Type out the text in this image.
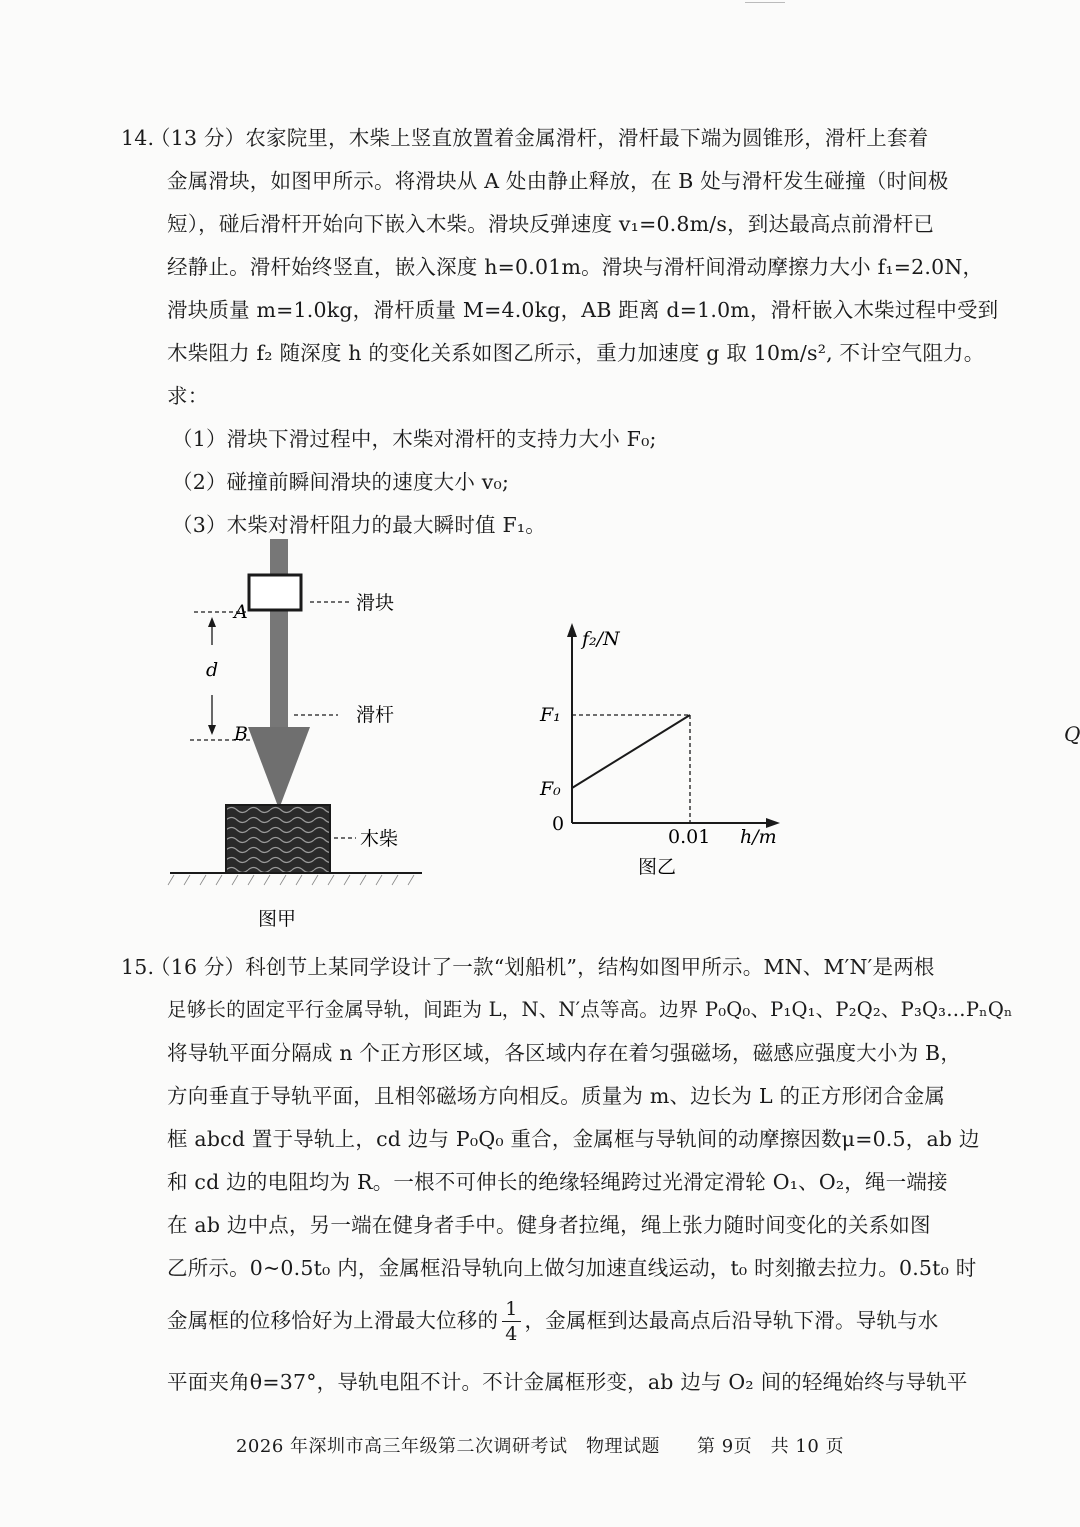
14.
（13 分）农家院里，木柴上竖直放置着金属滑杆，滑杆最下端为圆锥形，滑杆上套着
金属滑块，如图甲所示。将滑块从 A 处由静止释放，在 B 处与滑杆发生碰撞（时间极
短），碰后滑杆开始向下嵌入木柴。滑块反弹速度 v₁=0.8m/s，到达最高点前滑杆已
经静止。滑杆始终竖直，嵌入深度 h=0.01m。滑块与滑杆间滑动摩擦力大小 f₁=2.0N，
滑块质量 m=1.0kg，滑杆质量 M=4.0kg，AB 距离 d=1.0m，滑杆嵌入木柴过程中受到
木柴阻力 f₂ 随深度 h 的变化关系如图乙所示，重力加速度 g 取 10m/s², 不计空气阻力。
求：
（1）滑块下滑过程中，木柴对滑杆的支持力大小 F₀;
（2）碰撞前瞬间滑块的速度大小 v₀;
（3）木柴对滑杆阻力的最大瞬时值 F₁。
A
B
d
滑块
滑杆
木柴
图甲
f₂/N
h/m
0
0.01
F₁
F₀
图乙
15.
（16 分）科创节上某同学设计了一款“划船机”，结构如图甲所示。MN、M′N′是两根
足够长的固定平行金属导轨，间距为 L，N、N′点等高。边界 P₀Q₀、P₁Q₁、P₂Q₂、P₃Q₃…PₙQₙ
将导轨平面分隔成 n 个正方形区域，各区域内存在着匀强磁场，磁感应强度大小为 B，
方向垂直于导轨平面，且相邻磁场方向相反。质量为 m、边长为 L 的正方形闭合金属
框 abcd 置于导轨上，cd 边与 P₀Q₀ 重合，金属框与导轨间的动摩擦因数μ=0.5，ab 边
和 cd 边的电阻均为 R。一根不可伸长的绝缘轻绳跨过光滑定滑轮 O₁、O₂，绳一端接
在 ab 边中点，另一端在健身者手中。健身者拉绳，绳上张力随时间变化的关系如图
乙所示。0~0.5t₀ 内，金属框沿导轨向上做匀加速直线运动，t₀ 时刻撤去拉力。0.5t₀ 时
金属框的位移恰好为上滑最大位移的 $\frac{1}{4}$ ，金属框到达最高点后沿导轨下滑。导轨与水
平面夹角θ=37°，导轨电阻不计。不计金属框形变，ab 边与 O₂ 间的轻绳始终与导轨平
Q
2026 年深圳市高三年级第二次调研考试　物理试题　　第 9页　共 10 页
